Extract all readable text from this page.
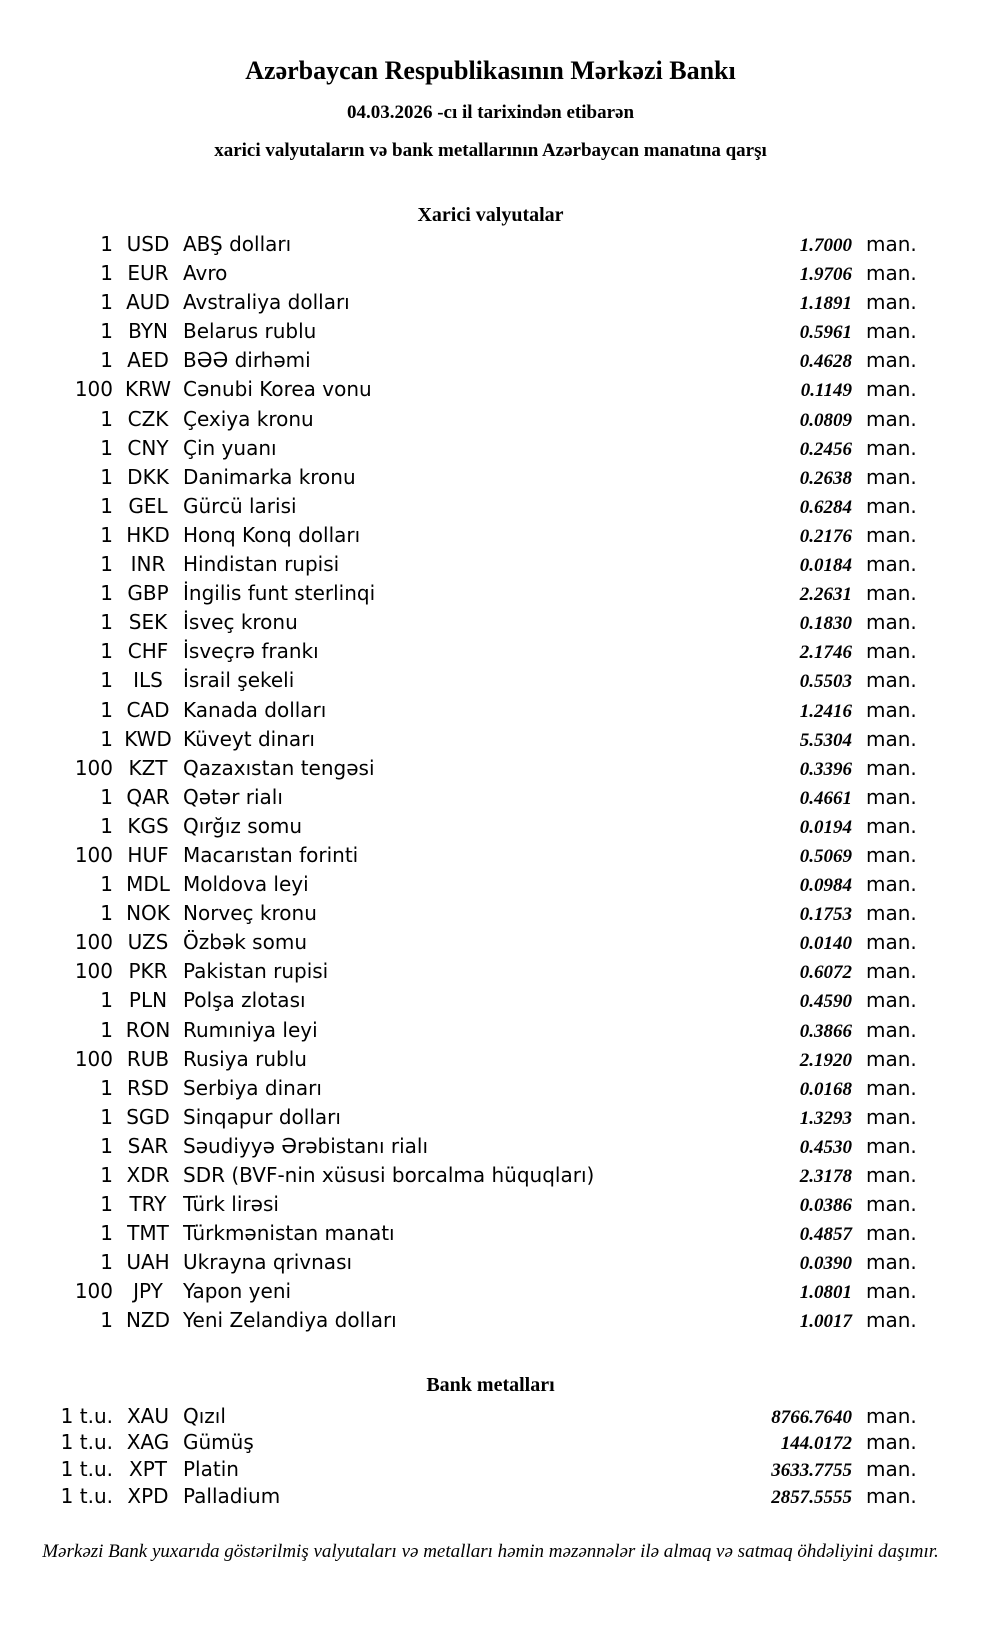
Azərbaycan Respublikasının Mərkəzi Bankı
04.03.2026 -cı il tarixindən etibarən
xarici valyutaların və bank metallarının Azərbaycan manatına qarşı
Xarici valyutalar
1 USD ABŞ dolları	1.7000 man.
1 EUR Avro	1.9706 man.
1 AUD Avstraliya dolları	1.1891 man.
1 BYN Belarus rublu	0.5961 man.
1 AED BƏƏ dirhəmi	0.4628 man.
100 KRW Cənubi Korea vonu	0.1149 man.
1 CZK Çexiya kronu	0.0809 man.
1 CNY Çin yuanı	0.2456 man.
1 DKK Danimarka kronu	0.2638 man.
1 GEL Gürcü larisi	0.6284 man.
1 HKD Honq Konq dolları	0.2176 man.
1 INR Hindistan rupisi	0.0184 man.
1 GBP İngilis funt sterlinqi	2.2631 man.
1 SEK İsveç kronu	0.1830 man.
1 CHF İsveçrə frankı	2.1746 man.
1	ILS	İsrail şekeli	0.5503 man.
1 CAD Kanada dolları	1.2416 man.
1 KWD Küveyt dinarı	5.5304 man.
100 KZT Qazaxıstan tengəsi	0.3396 man.
1 QAR Qətər rialı	0.4661 man.
1 KGS Qırğız somu	0.0194 man.
100 HUF Macarıstan forinti	0.5069 man.
1 MDL Moldova leyi	0.0984 man.
1 NOK Norveç kronu	0.1753 man.
100 UZS Özbək somu	0.0140 man.
100 PKR Pakistan rupisi	0.6072 man.
1 PLN Polşa zlotası	0.4590 man.
1 RON Rumıniya leyi	0.3866 man.
100 RUB Rusiya rublu	2.1920 man.
1 RSD Serbiya dinarı	0.0168 man.
1 SGD Sinqapur dolları	1.3293 man.
1 SAR Səudiyyə Ərəbistanı rialı	0.4530 man.
1 XDR SDR (BVF-nin xüsusi borcalma hüquqları)	2.3178 man.
1 TRY Türk lirəsi	0.0386 man.
1 TMT Türkmənistan manatı	0.4857 man.
1 UAH Ukrayna qrivnası	0.0390 man.
100	JPY	Yapon yeni	1.0801 man.
1 NZD Yeni Zelandiya dolları	1.0017 man.
Bank metalları
1 t.u. XAU Qızıl	8766.7640 man.
1 t.u. XAG Gümüş	144.0172 man.
1 t.u. XPT Platin	3633.7755 man.
1 t.u. XPD Palladium	2857.5555 man.
Mərkəzi Bank yuxarıda göstərilmiş valyutaları və metalları həmin məzənnələr ilə almaq və satmaq öhdəliyini daşımır.
